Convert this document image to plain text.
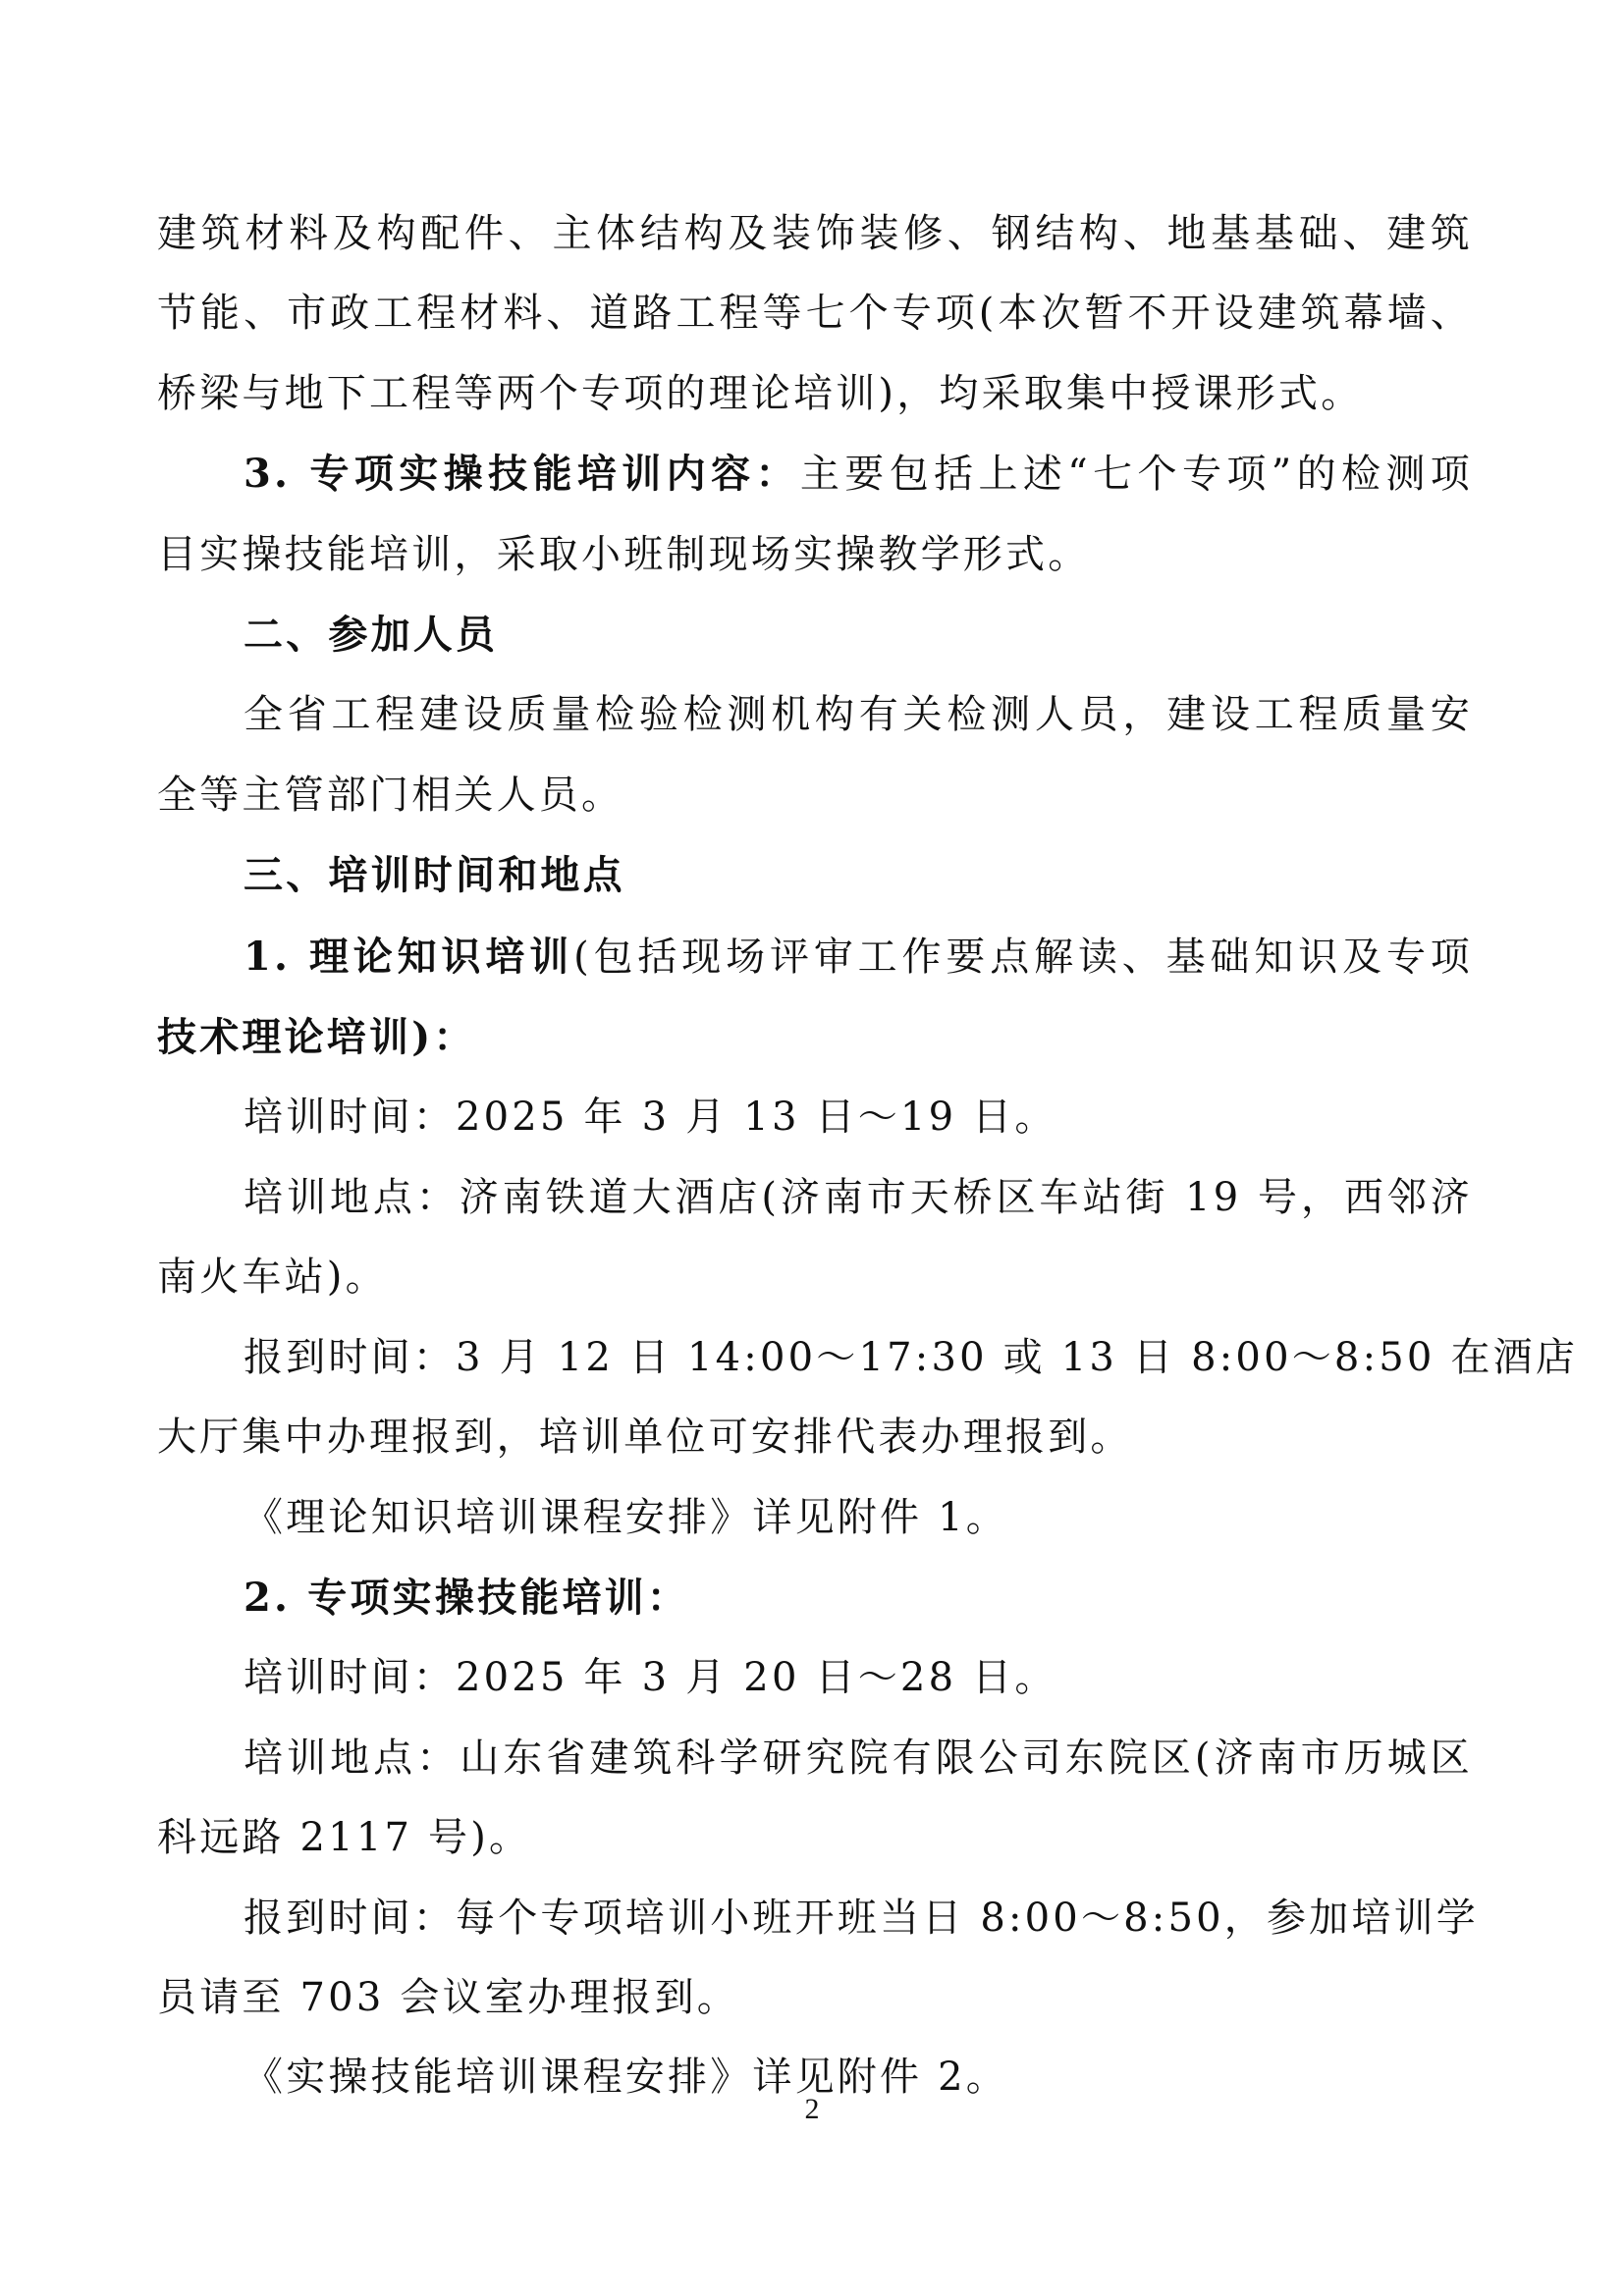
建筑材料及构配件、主体结构及装饰装修、钢结构、地基基础、建筑

节能、市政工程材料、道路工程等七个专项(本次暂不开设建筑幕墙、

桥梁与地下工程等两个专项的理论培训)，均采取集中授课形式。

3. 专项实操技能培训内容：主要包括上述“七个专项”的检测项

目实操技能培训，采取小班制现场实操教学形式。

二、参加人员

全省工程建设质量检验检测机构有关检测人员，建设工程质量安

全等主管部门相关人员。

三、培训时间和地点

1. 理论知识培训(包括现场评审工作要点解读、基础知识及专项

技术理论培训)：

培训时间：2025 年 3 月 13 日～19 日。

培训地点：济南铁道大酒店(济南市天桥区车站街 19 号，西邻济

南火车站)。

报到时间：3 月 12 日 14:00～17:30 或 13 日 8:00～8:50 在酒店

大厅集中办理报到，培训单位可安排代表办理报到。

《理论知识培训课程安排》详见附件 1。

2. 专项实操技能培训：

培训时间：2025 年 3 月 20 日～28 日。

培训地点：山东省建筑科学研究院有限公司东院区(济南市历城区

科远路 2117 号)。

报到时间：每个专项培训小班开班当日 8:00～8:50，参加培训学

员请至 703 会议室办理报到。

《实操技能培训课程安排》详见附件 2。

2
